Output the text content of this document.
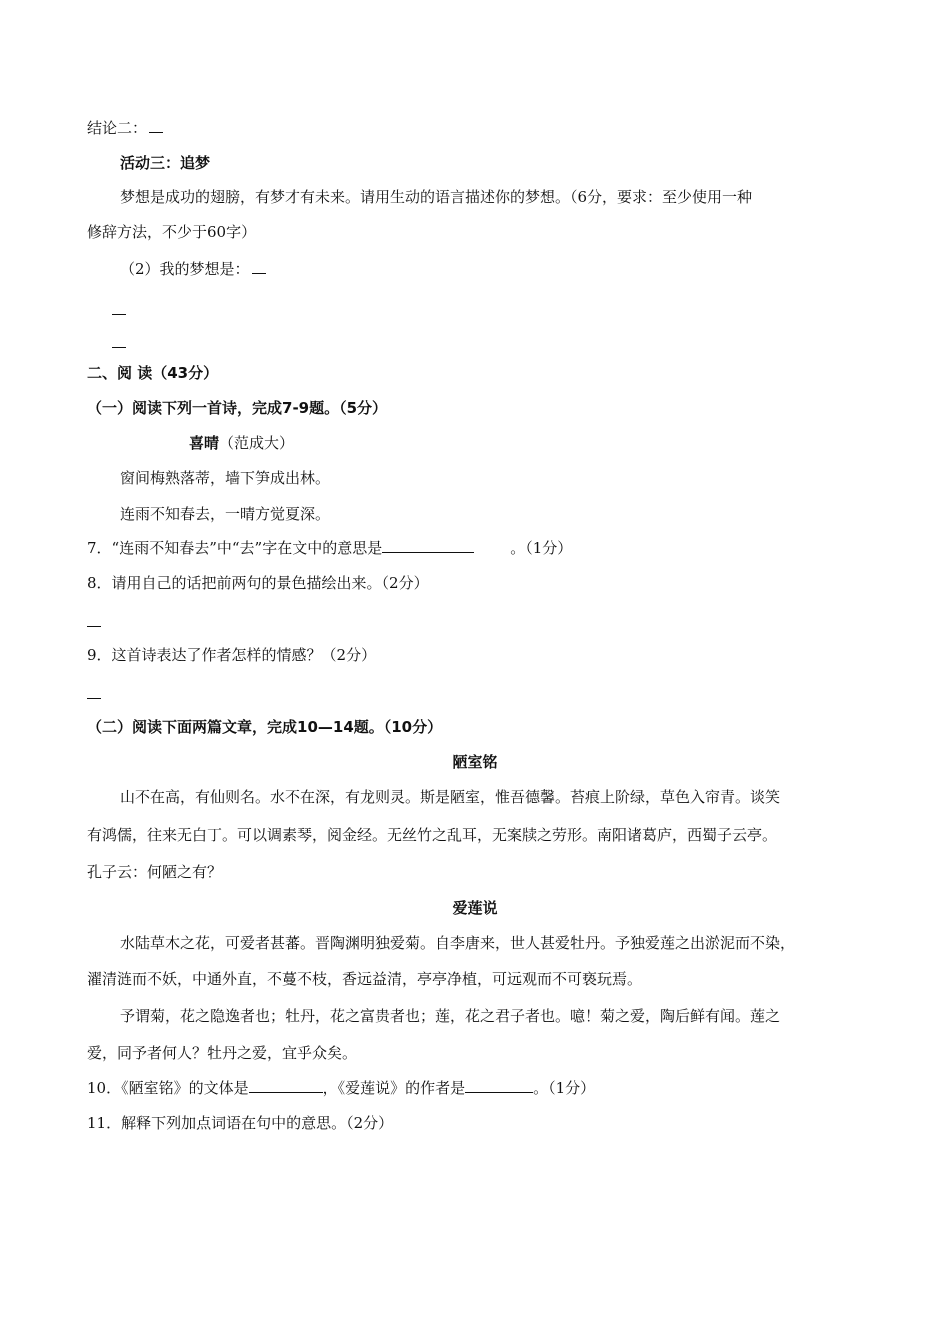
结论二：
活动三：追梦
梦想是成功的翅膀，有梦才有未来。请用生动的语言描述你的梦想。（6分，要求：至少使用一种
修辞方法，不少于60字）
（2）我的梦想是：
二、阅 读（43分）
（一）阅读下列一首诗，完成7-9题。（5分）
喜晴（范成大）
窗间梅熟落蒂，墙下笋成出林。
连雨不知春去，一晴方觉夏深。
7．“连雨不知春去”中“去”字在文中的意思是	。（1分）
8．请用自己的话把前两句的景色描绘出来。（2分）
9．这首诗表达了作者怎样的情感？（2分）
（二）阅读下面两篇文章，完成10—14题。（10分）
陋室铭
山不在高，有仙则名。水不在深，有龙则灵。斯是陋室，惟吾德馨。苔痕上阶绿，草色入帘青。谈笑
有鸿儒，往来无白丁。可以调素琴，阅金经。无丝竹之乱耳，无案牍之劳形。南阳诸葛庐，西蜀子云亭。
孔子云：何陋之有？
爱莲说
水陆草木之花，可爱者甚蕃。晋陶渊明独爱菊。自李唐来，世人甚爱牡丹。予独爱莲之出淤泥而不染，
濯清涟而不妖，中通外直，不蔓不枝，香远益清，亭亭净植，可远观而不可亵玩焉。
予谓菊，花之隐逸者也；牡丹，花之富贵者也；莲，花之君子者也。噫！菊之爱，陶后鲜有闻。莲之
爱，同予者何人？牡丹之爱，宜乎众矣。
10．《陋室铭》的文体是	，《爱莲说》的作者是	。（1分）
11．解释下列加点词语在句中的意思。（2分）
